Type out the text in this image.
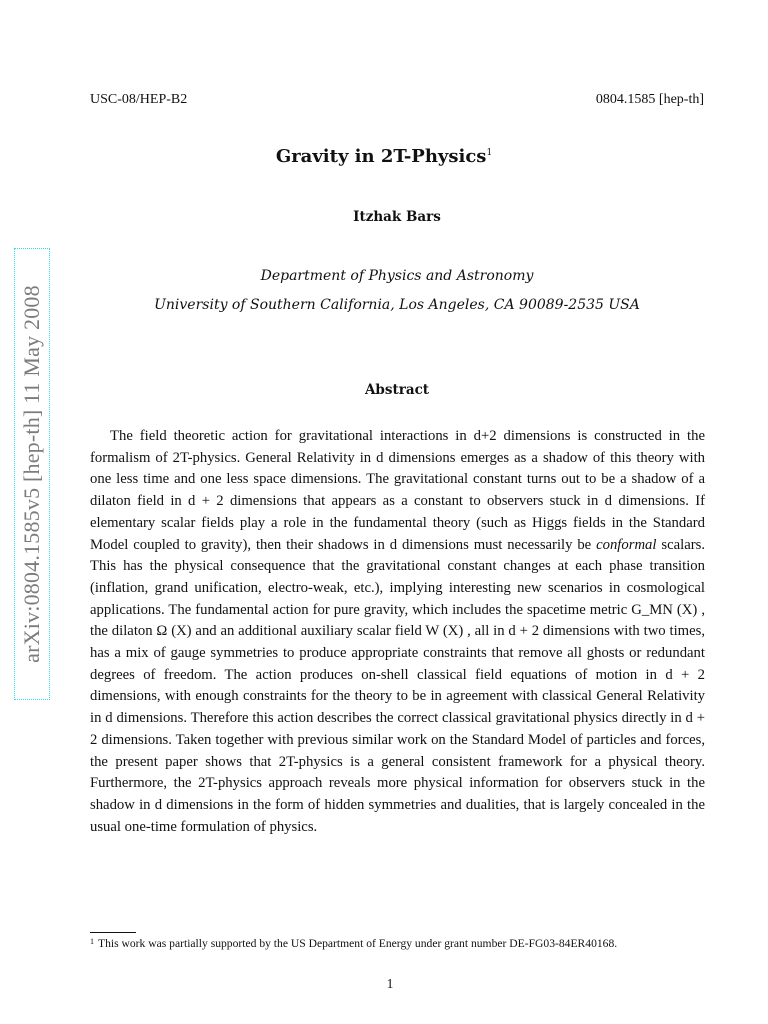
USC-08/HEP-B2	0804.1585 [hep-th]
Gravity in 2T-Physics$^1$
Itzhak Bars
Department of Physics and Astronomy
University of Southern California, Los Angeles, CA 90089-2535 USA
arXiv:0804.1585v5 [hep-th] 11 May 2008	Abstract

The field theoretic action for gravitational interactions in d+2 dimensions is constructed in the formalism of 2T-physics. General Relativity in d dimensions emerges as a shadow of this theory with one less time and one less space dimensions. The gravitational constant turns out to be a shadow of a dilaton field in d + 2 dimensions that appears as a constant to observers stuck in d dimensions. If elementary scalar fields play a role in the fundamental theory (such as Higgs fields in the Standard Model coupled to gravity), then their shadows in d dimensions must necessarily be conformal scalars. This has the physical consequence that the gravitational constant changes at each phase transition (inflation, grand unification, electro-weak, etc.), implying interesting new scenarios in cosmological applications. The fundamental action for pure gravity, which includes the spacetime metric G_MN (X) , the dilaton Ω (X) and an additional auxiliary scalar field W (X) , all in d + 2 dimensions with two times, has a mix of gauge symmetries to produce appropriate constraints that remove all ghosts or redundant degrees of freedom. The action produces on-shell classical field equations of motion in d + 2 dimensions, with enough constraints for the theory to be in agreement with classical General Relativity in d dimensions. Therefore this action describes the correct classical gravitational physics directly in d + 2 dimensions. Taken together with previous similar work on the Standard Model of particles and forces, the present paper shows that 2T-physics is a general consistent framework for a physical theory. Furthermore, the 2T-physics approach reveals more physical information for observers stuck in the shadow in d dimensions in the form of hidden symmetries and dualities, that is largely concealed in the usual one-time formulation of physics.

$^1$ This work was partially supported by the US Department of Energy under grant number DE-FG03-84ER40168.
1
